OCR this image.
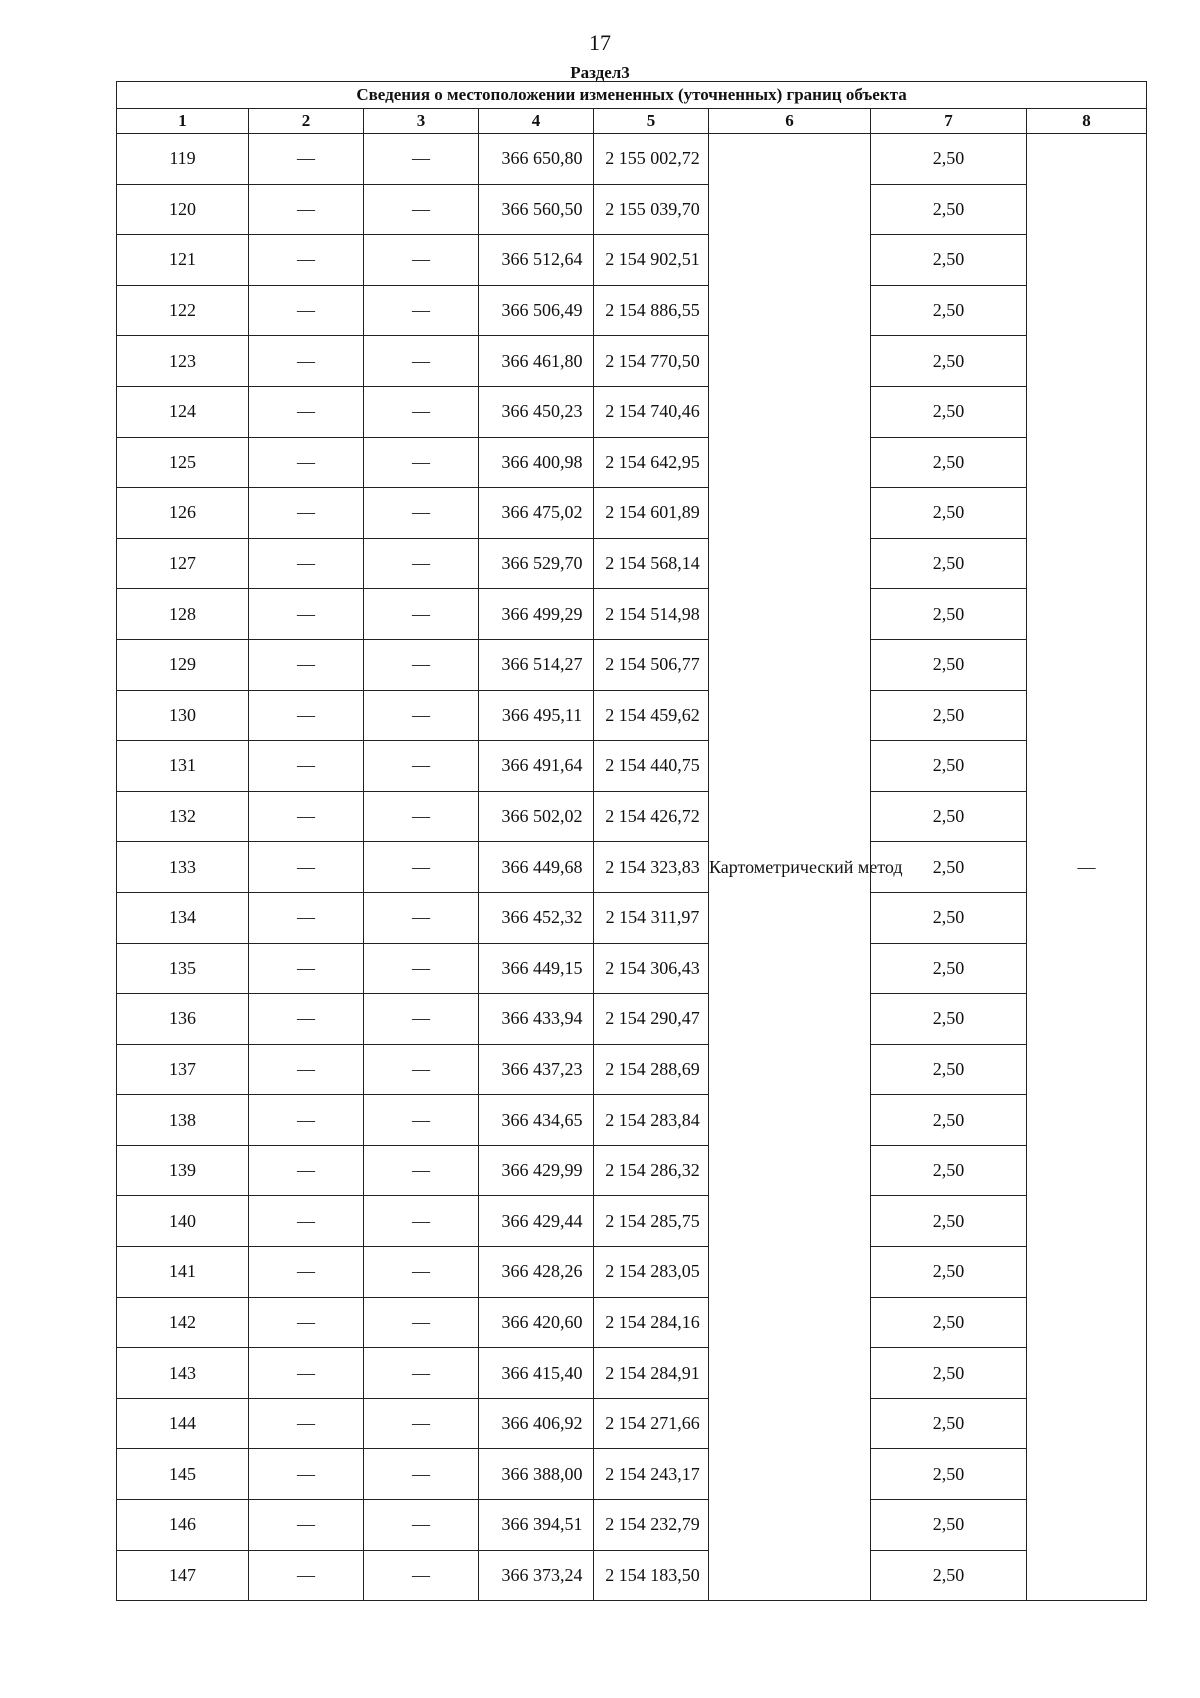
17
Раздел3
Сведения о местоположении измененных (уточненных) границ объекта							
1	2	3	4	5	6	7	8
119	—	—	366 650,80	2 155 002,72	Картометрический метод	2,50	—
120	—	—	366 560,50	2 155 039,70		2,50	
121	—	—	366 512,64	2 154 902,51		2,50	
122	—	—	366 506,49	2 154 886,55		2,50	
123	—	—	366 461,80	2 154 770,50		2,50	
124	—	—	366 450,23	2 154 740,46		2,50	
125	—	—	366 400,98	2 154 642,95		2,50	
126	—	—	366 475,02	2 154 601,89		2,50	
127	—	—	366 529,70	2 154 568,14		2,50	
128	—	—	366 499,29	2 154 514,98		2,50	
129	—	—	366 514,27	2 154 506,77		2,50	
130	—	—	366 495,11	2 154 459,62		2,50	
131	—	—	366 491,64	2 154 440,75		2,50	
132	—	—	366 502,02	2 154 426,72		2,50	
133	—	—	366 449,68	2 154 323,83		2,50	
134	—	—	366 452,32	2 154 311,97		2,50	
135	—	—	366 449,15	2 154 306,43		2,50	
136	—	—	366 433,94	2 154 290,47		2,50	
137	—	—	366 437,23	2 154 288,69		2,50	
138	—	—	366 434,65	2 154 283,84		2,50	
139	—	—	366 429,99	2 154 286,32		2,50	
140	—	—	366 429,44	2 154 285,75		2,50	
141	—	—	366 428,26	2 154 283,05		2,50	
142	—	—	366 420,60	2 154 284,16		2,50	
143	—	—	366 415,40	2 154 284,91		2,50	
144	—	—	366 406,92	2 154 271,66		2,50	
145	—	—	366 388,00	2 154 243,17		2,50	
146	—	—	366 394,51	2 154 232,79		2,50	
147	—	—	366 373,24	2 154 183,50		2,50	
